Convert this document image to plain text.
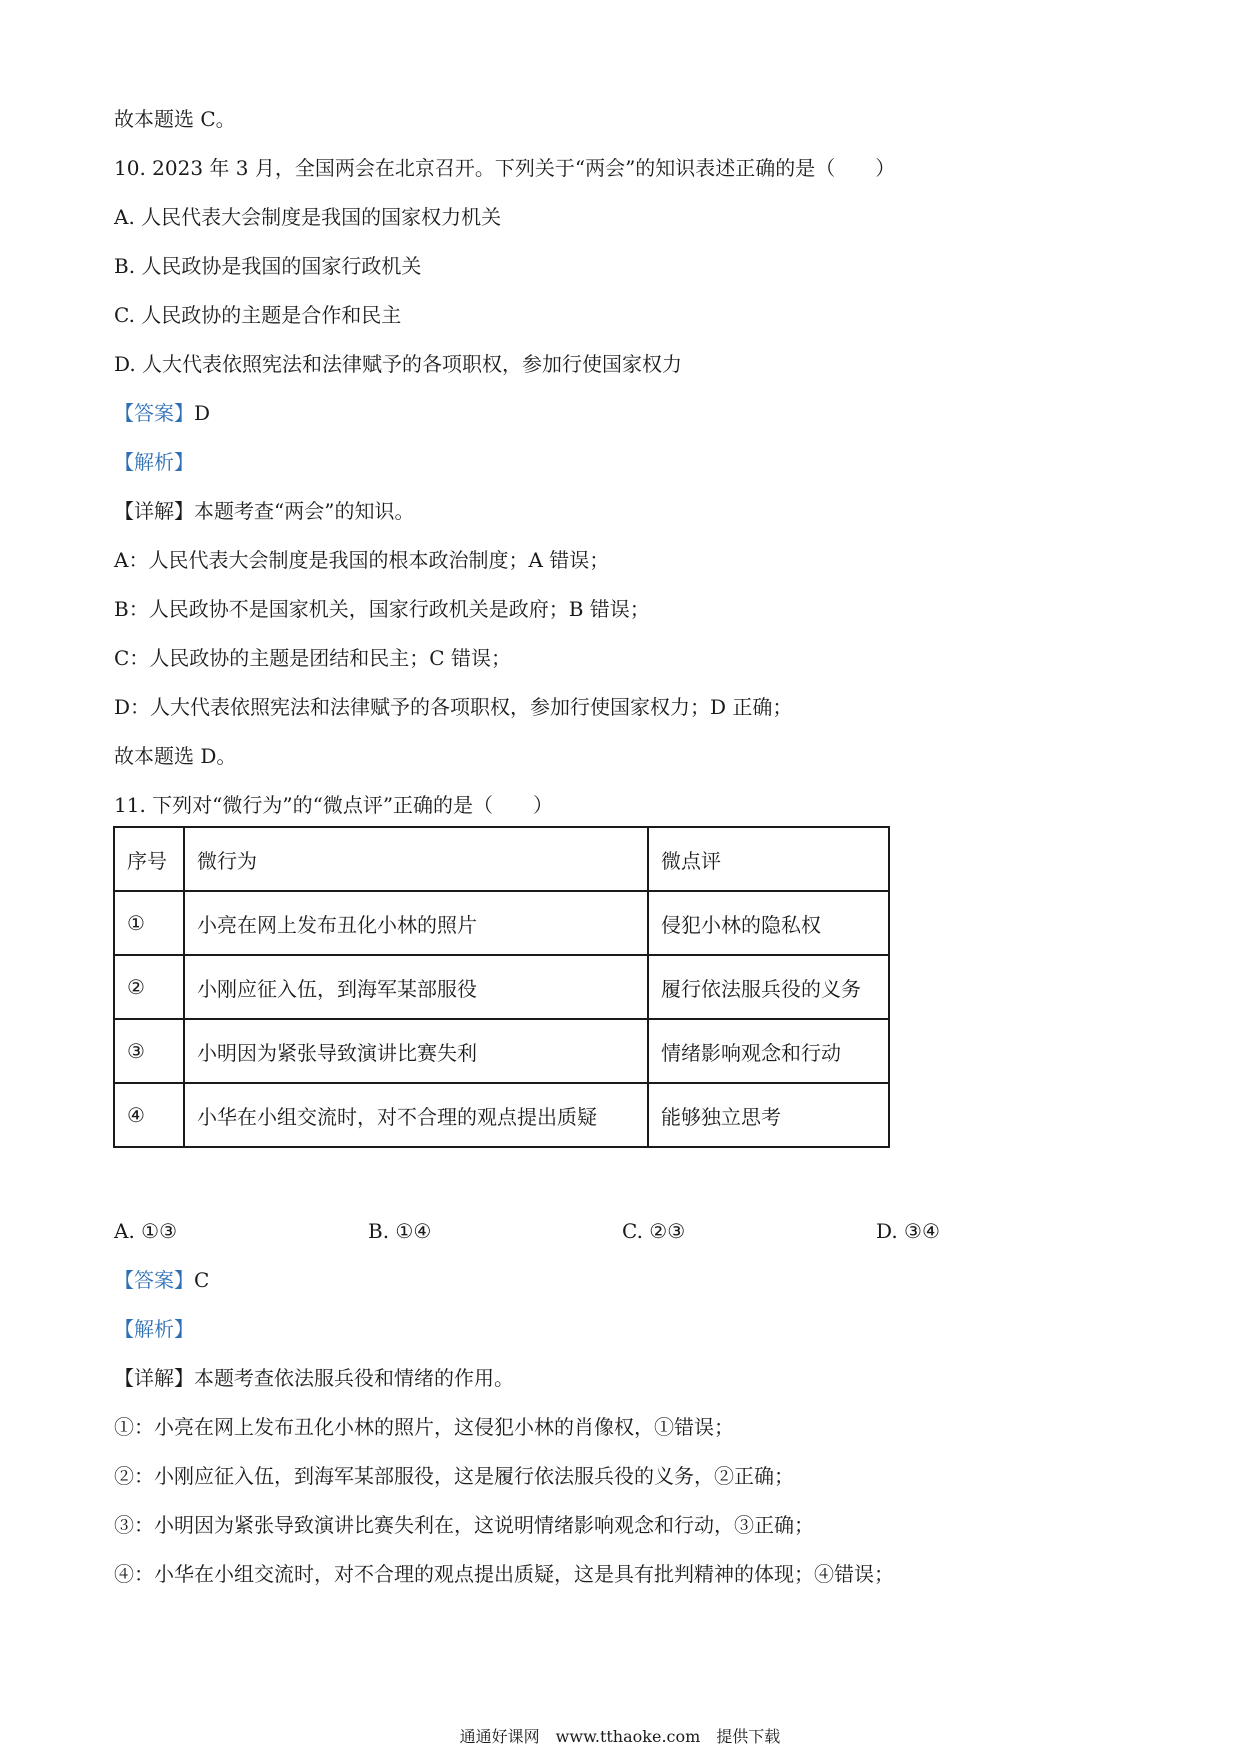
故本题选 C。
10. 2023 年 3 月，全国两会在北京召开。下列关于“两会”的知识表述正确的是（　　）
A. 人民代表大会制度是我国的国家权力机关
B. 人民政协是我国的国家行政机关
C. 人民政协的主题是合作和民主
D. 人大代表依照宪法和法律赋予的各项职权，参加行使国家权力
【答案】D
【解析】
【详解】本题考查“两会”的知识。
A：人民代表大会制度是我国的根本政治制度；A 错误；
B：人民政协不是国家机关，国家行政机关是政府；B 错误；
C：人民政协的主题是团结和民主；C 错误；
D：人大代表依照宪法和法律赋予的各项职权，参加行使国家权力；D 正确；
故本题选 D。
11. 下列对“微行为”的“微点评”正确的是（　　）
序号	微行为	微点评
①	小亮在网上发布丑化小林的照片	侵犯小林的隐私权
②	小刚应征入伍，到海军某部服役	履行依法服兵役的义务
③	小明因为紧张导致演讲比赛失利	情绪影响观念和行动
④	小华在小组交流时，对不合理的观点提出质疑	能够独立思考
A. ①③	B. ①④	C. ②③	D. ③④
【答案】C
【解析】
【详解】本题考查依法服兵役和情绪的作用。
①：小亮在网上发布丑化小林的照片，这侵犯小林的肖像权，①错误；
②：小刚应征入伍，到海军某部服役，这是履行依法服兵役的义务，②正确；
③：小明因为紧张导致演讲比赛失利在，这说明情绪影响观念和行动，③正确；
④：小华在小组交流时，对不合理的观点提出质疑，这是具有批判精神的体现；④错误；
通通好课网　www.tthaoke.com　提供下载
